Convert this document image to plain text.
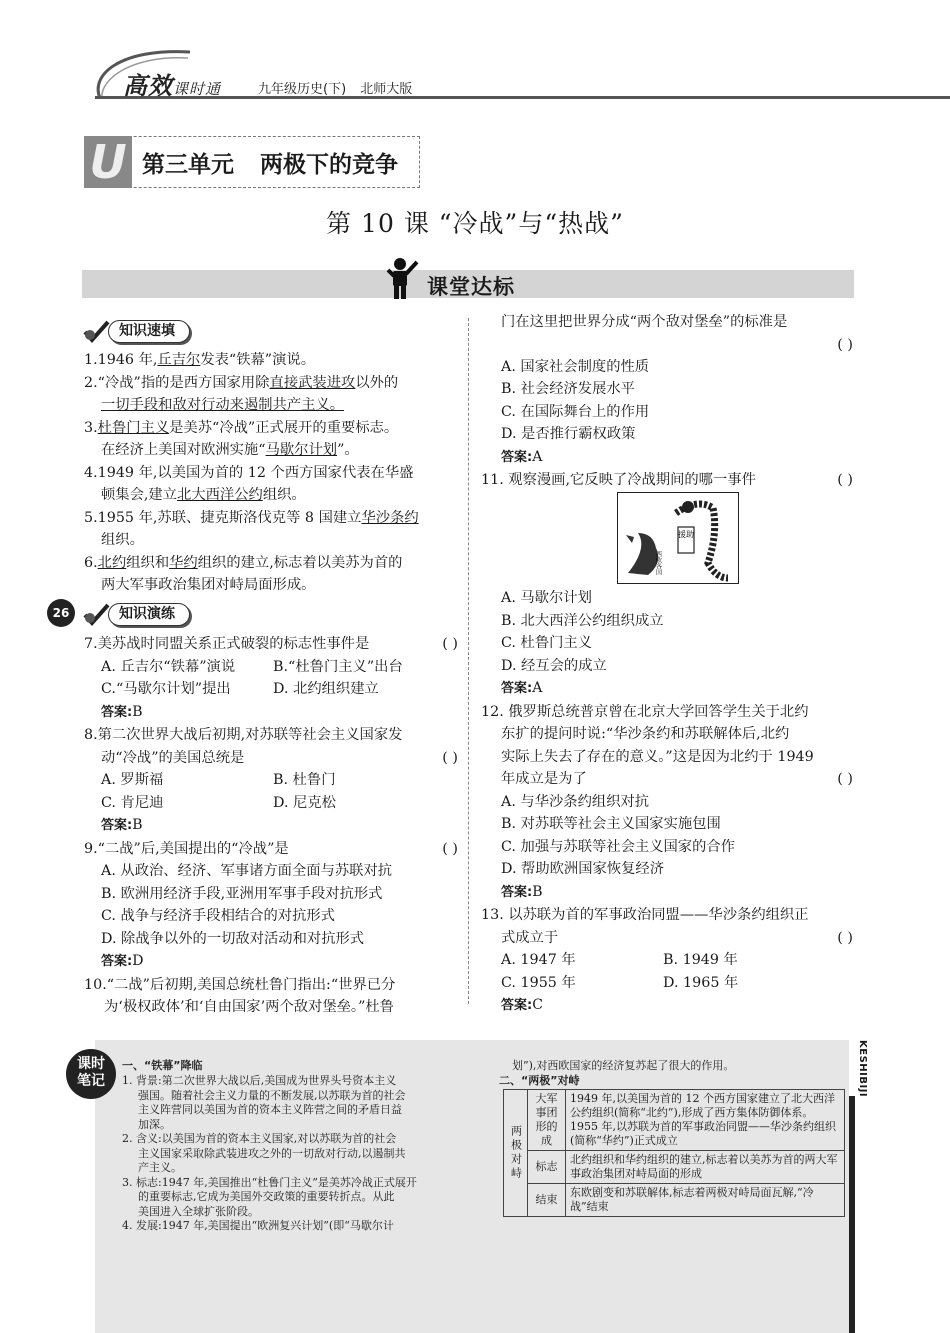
高效课时通	九年级历史(下) 北师大版
U 第三单元 两极下的竞争
第 10 课 “冷战”与“热战”
课堂达标
知识速填
1.1946 年,丘吉尔发表“铁幕”演说。
2.“冷战”指的是西方国家用除直接武装进攻以外的
一切手段和敌对行动来遏制共产主义。
3.杜鲁门主义是美苏“冷战”正式展开的重要标志。
在经济上美国对欧洲实施“马歇尔计划”。
4.1949 年,以美国为首的 12 个西方国家代表在华盛
顿集会,建立北大西洋公约组织。
5.1955 年,苏联、捷克斯洛伐克等 8 国建立华沙条约
组织。
6.北约组织和华约组织的建立,标志着以美苏为首的
两大军事政治集团对峙局面形成。
26	知识演练
7.美苏战时同盟关系正式破裂的标志性事件是	( )
A. 丘吉尔“铁幕”演说	B.“杜鲁门主义”出台
C.“马歇尔计划”提出	D. 北约组织建立
答案:B
8.第二次世界大战后初期,对苏联等社会主义国家发
动“冷战”的美国总统是	( )
A. 罗斯福	B. 杜鲁门
C. 肯尼迪	D. 尼克松
答案:B
9.“二战”后,美国提出的“冷战”是	( )
A. 从政治、经济、军事诸方面全面与苏联对抗
B. 欧洲用经济手段,亚洲用军事手段对抗形式
C. 战争与经济手段相结合的对抗形式
D. 除战争以外的一切敌对活动和对抗形式
答案:D
10.“二战”后初期,美国总统杜鲁门指出:“世界已分
为‘极权政体’和‘自由国家’两个敌对堡垒。”杜鲁
门在这里把世界分成“两个敌对堡垒”的标准是
( )
A. 国家社会制度的性质
B. 社会经济发展水平
C. 在国际舞台上的作用
D. 是否推行霸权政策
答案:A
11. 观察漫画,它反映了冷战期间的哪一事件	( )
援助
西欧各国
A. 马歇尔计划
B. 北大西洋公约组织成立
C. 杜鲁门主义
D. 经互会的成立
答案:A
12. 俄罗斯总统普京曾在北京大学回答学生关于北约
东扩的提问时说:“华沙条约和苏联解体后,北约
实际上失去了存在的意义。”这是因为北约于 1949
年成立是为了	( )
A. 与华沙条约组织对抗
B. 对苏联等社会主义国家实施包围
C. 加强与苏联等社会主义国家的合作
D. 帮助欧洲国家恢复经济
答案:B
13. 以苏联为首的军事政治同盟——华沙条约组织正
式成立于	( )
A. 1947 年	B. 1949 年
C. 1955 年	D. 1965 年
答案:C
KESHIBIJI
课时
笔记
一、“铁幕”降临
1. 背景:第二次世界大战以后,美国成为世界头号资本主义
强国。随着社会主义力量的不断发展,以苏联为首的社会
主义阵营同以美国为首的资本主义阵营之间的矛盾日益
加深。
2. 含义:以美国为首的资本主义国家,对以苏联为首的社会
主义国家采取除武装进攻之外的一切敌对行动,以遏制共
产主义。
3. 标志:1947 年,美国推出“杜鲁门主义”是美苏冷战正式展开
的重要标志,它成为美国外交政策的重要转折点。从此
美国进入全球扩张阶段。
4. 发展:1947 年,美国提出“欧洲复兴计划”(即“马歇尔计
划”),对西欧国家的经济复苏起了很大的作用。
二、“两极”对峙
两极对峙	大军事团形的成	1949 年,以美国为首的 12 个西方国家建立了北大西洋公约组织(简称“北约”),形成了西方集体防御体系。1955 年,以苏联为首的军事政治同盟——华沙条约组织(简称“华约”)正式成立
	标志	北约组织和华约组织的建立,标志着以美苏为首的两大军事政治集团对峙局面的形成
	结束	东欧剧变和苏联解体,标志着两极对峙局面瓦解,“冷战”结束
